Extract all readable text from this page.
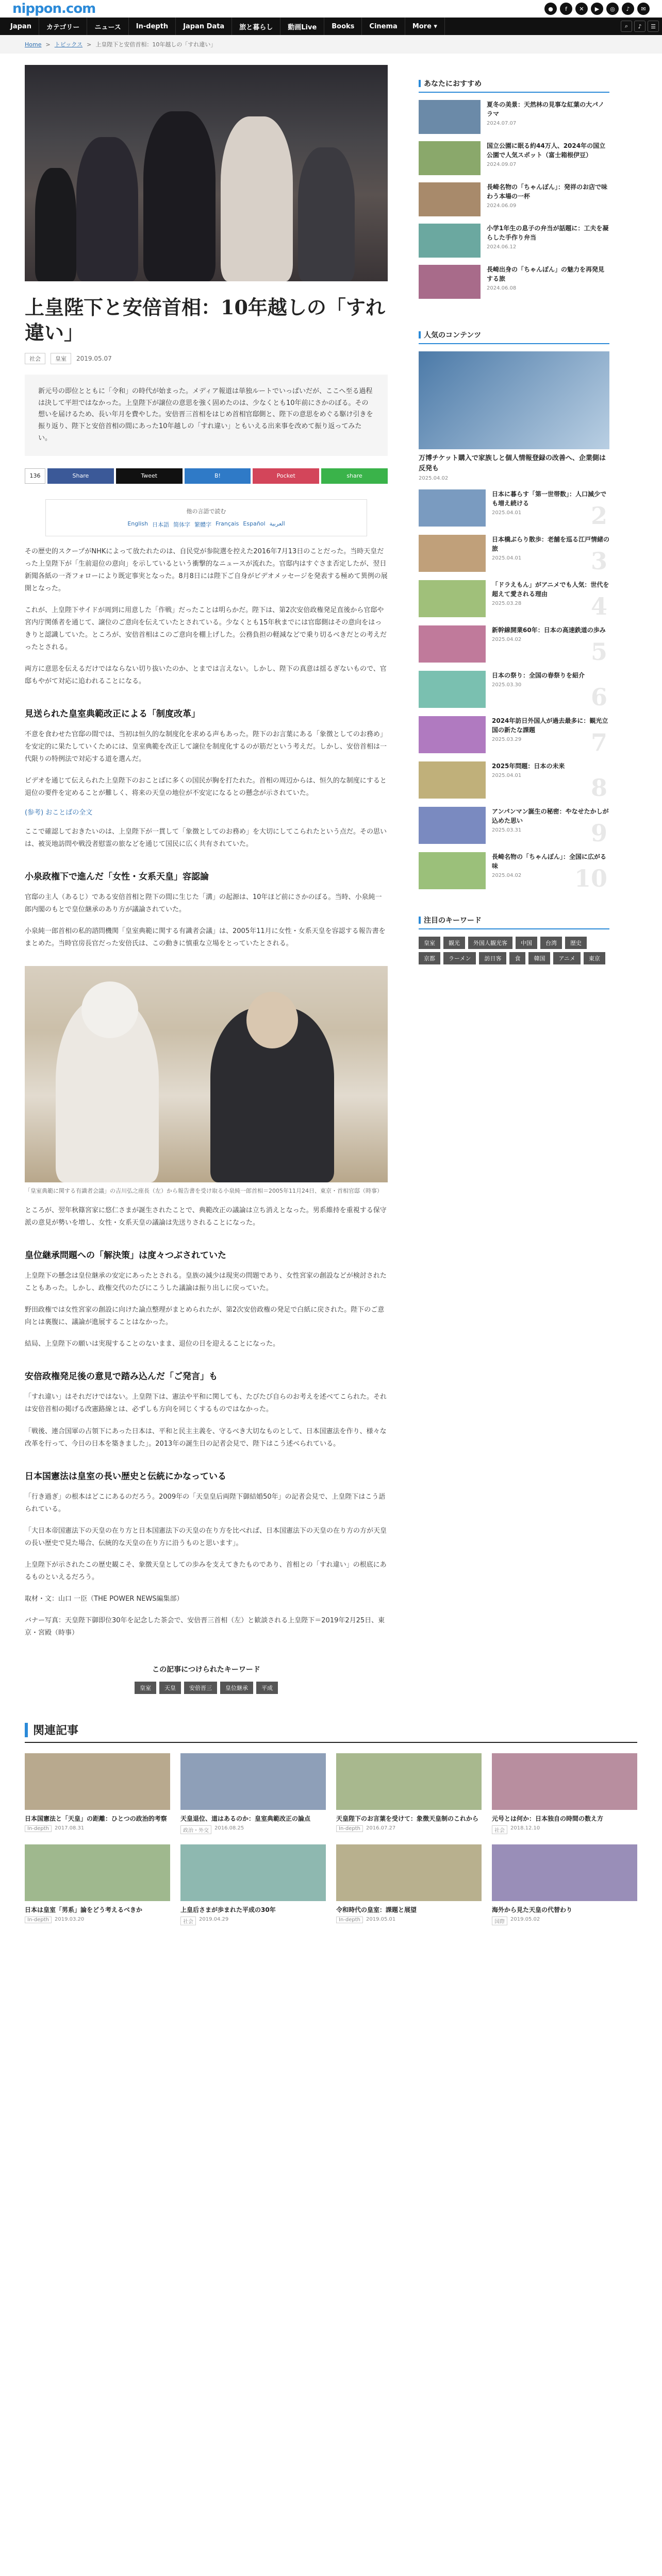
nippon.com	●	f	✕	▶	◎	♪	✉
Japan	カテゴリー	ニュース	In-depth	Japan Data	旅と暮らし	動画Live	Books	Cinema	More ▾	⌕	♪	☰
Home > トピックス > 上皇陛下と安倍首相：10年越しの「すれ違い」
上皇陛下と安倍首相：10年越しの「すれ違い」
社会	皇室	2019.05.07
新元号の即位とともに「令和」の時代が始まった。メディア報道は単独ルートでいっぱいだが、ここへ至る過程は決して平坦ではなかった。上皇陛下が譲位の意思を強く固めたのは、少なくとも10年前にさかのぼる。その想いを届けるため、長い年月を費やした。安倍晋三首相をはじめ首相官邸側と、陛下の意思をめぐる駆け引きを振り返り、陛下と安倍首相の間にあった10年越しの「すれ違い」ともいえる出来事を改めて振り返ってみたい。
136	Share	Tweet	B!	Pocket	share
他の言語で読む
English 日本語 简体字 繁體字 Français Español العربية

その歴史的スクープがNHKによって放たれたのは、自民党が参院選を控えた2016年7月13日のことだった。当時天皇だった上皇陛下が「生前退位の意向」を示しているという衝撃的なニュースが流れた。官邸内はすぐさま否定したが、翌日新聞各紙の一斉フォローにより既定事実となった。8月8日には陛下ご自身がビデオメッセージを発表する極めて異例の展開となった。

これが、上皇陛下サイドが周到に用意した「作戦」だったことは明らかだ。陛下は、第2次安倍政権発足直後から官邸や宮内庁関係者を通じて、譲位のご意向を伝えていたとされている。少なくとも15年秋までには官邸側はその意向をはっきりと認識していた。ところが、安倍首相はこのご意向を棚上げした。公務負担の軽減などで乗り切るべきだとの考えだったとされる。

両方に意思を伝えるだけではならない切り抜いたのか、とまでは言えない。しかし、陛下の真意は揺るぎないもので、官邸もやがて対応に追われることになる。

見送られた皇室典範改正による「制度改革」

不意を食わせた官邸の間では、当初は恒久的な制度化を求める声もあった。陛下のお言葉にある「象徴としてのお務め」を安定的に果たしていくためには、皇室典範を改正して譲位を制度化するのが筋だという考えだ。しかし、安倍首相は一代限りの特例法で対応する道を選んだ。

ビデオを通じて伝えられた上皇陛下のおことばに多くの国民が胸を打たれた。首相の周辺からは、恒久的な制度にすると退位の要件を定めることが難しく、将来の天皇の地位が不安定になるとの懸念が示されていた。

(参考) おことばの全文

ここで確認しておきたいのは、上皇陛下が一貫して「象徴としてのお務め」を大切にしてこられたという点だ。その思いは、被災地訪問や戦没者慰霊の旅などを通じて国民に広く共有されていた。

小泉政権下で進んだ「女性・女系天皇」容認論

官邸の主人（あるじ）である安倍首相と陛下の間に生じた「溝」の起源は、10年ほど前にさかのぼる。当時、小泉純一郎内閣のもとで皇位継承のあり方が議論されていた。

小泉純一郎首相の私的諮問機関「皇室典範に関する有識者会議」は、2005年11月に女性・女系天皇を容認する報告書をまとめた。当時官房長官だった安倍氏は、この動きに慎重な立場をとっていたとされる。

「皇室典範に関する有識者会議」の吉川弘之座長（左）から報告書を受け取る小泉純一郎首相＝2005年11月24日、東京・首相官邸（時事）

ところが、翌年秋篠宮家に悠仁さまが誕生されたことで、典範改正の議論は立ち消えとなった。男系維持を重視する保守派の意見が勢いを増し、女性・女系天皇の議論は先送りされることになった。

皇位継承問題への「解決策」は度々つぶされていた

上皇陛下の懸念は皇位継承の安定にあったとされる。皇族の減少は現実の問題であり、女性宮家の創設などが検討されたこともあった。しかし、政権交代のたびにこうした議論は振り出しに戻っていた。

野田政権では女性宮家の創設に向けた論点整理がまとめられたが、第2次安倍政権の発足で白紙に戻された。陛下のご意向とは裏腹に、議論が進展することはなかった。

結局、上皇陛下の願いは実現することのないまま、退位の日を迎えることになった。

安倍政権発足後の意見で踏み込んだ「ご発言」も

「すれ違い」はそれだけではない。上皇陛下は、憲法や平和に関しても、たびたび自らのお考えを述べてこられた。それは安倍首相の掲げる改憲路線とは、必ずしも方向を同じくするものではなかった。

「戦後、連合国軍の占領下にあった日本は、平和と民主主義を、守るべき大切なものとして、日本国憲法を作り、様々な改革を行って、今日の日本を築きました」。2013年の誕生日の記者会見で、陛下はこう述べられている。

日本国憲法は皇室の長い歴史と伝統にかなっている

「行き過ぎ」の根本はどこにあるのだろう。2009年の「天皇皇后両陛下御結婚50年」の記者会見で、上皇陛下はこう語られている。

「大日本帝国憲法下の天皇の在り方と日本国憲法下の天皇の在り方を比べれば、日本国憲法下の天皇の在り方の方が天皇の長い歴史で見た場合、伝統的な天皇の在り方に沿うものと思います」。

上皇陛下が示されたこの歴史観こそ、象徴天皇としての歩みを支えてきたものであり、首相との「すれ違い」の根底にあるものといえるだろう。

取材・文：山口 一臣（THE POWER NEWS編集部）

バナー写真：天皇陛下御即位30年を記念した茶会で、安倍晋三首相（左）と歓談される上皇陛下＝2019年2月25日、東京・宮殿（時事）

この記事につけられたキーワード
皇室	天皇	安倍晋三	皇位継承	平成
あなたにおすすめ
夏冬の美景：天然林の見事な紅葉の大パノラマ
2024.07.07
国立公園に眠る約44万人、2024年の国立公園で人気スポット（富士箱根伊豆）
2024.09.07
長崎名物の「ちゃんぽん」：発祥のお店で味わう本場の一杯
2024.06.09
小学1年生の息子の弁当が話題に：工夫を凝らした手作り弁当
2024.06.12
長崎出身の「ちゃんぽん」の魅力を再発見する旅
2024.06.08
人気のコンテンツ
万博チケット購入で家族しと個人情報登録の改善へ、企業側は反発も
2025.04.02
日本に暮らす「第一世帯数」：人口減少でも増え続ける
2025.04.01	2
日本橋ぶらり散歩：老舗を巡る江戸情緒の旅
2025.04.01	3
「ドラえもん」がアニメでも人気：世代を超えて愛される理由
2025.03.28	4
新幹線開業60年：日本の高速鉄道の歩み
2025.04.02	5
日本の祭り：全国の春祭りを紹介
2025.03.30	6
2024年訪日外国人が過去最多に：観光立国の新たな課題
2025.03.29	7
2025年問題：日本の未来
2025.04.01	8
アンパンマン誕生の秘密：やなせたかしが込めた思い
2025.03.31	9
長崎名物の「ちゃんぽん」：全国に広がる味
2025.04.02	10
注目のキーワード
皇室	観光	外国人観光客	中国	台湾	歴史
京都	ラーメン	訪日客	食	韓国	アニメ	東京
関連記事
日本国憲法と「天皇」の距離：ひとつの政治的考察
In-depth	2017.08.31
天皇退位、道はあるのか：皇室典範改正の論点
政治・外交	2016.08.25
天皇陛下のお言葉を受けて：象徴天皇制のこれから
In-depth	2016.07.27
元号とは何か：日本独自の時間の数え方
社会	2018.12.10
日本は皇室「男系」論をどう考えるべきか
In-depth	2019.03.20
上皇后さまが歩まれた平成の30年
社会	2019.04.29
令和時代の皇室：課題と展望
In-depth	2019.05.01
海外から見た天皇の代替わり
国際	2019.05.02
